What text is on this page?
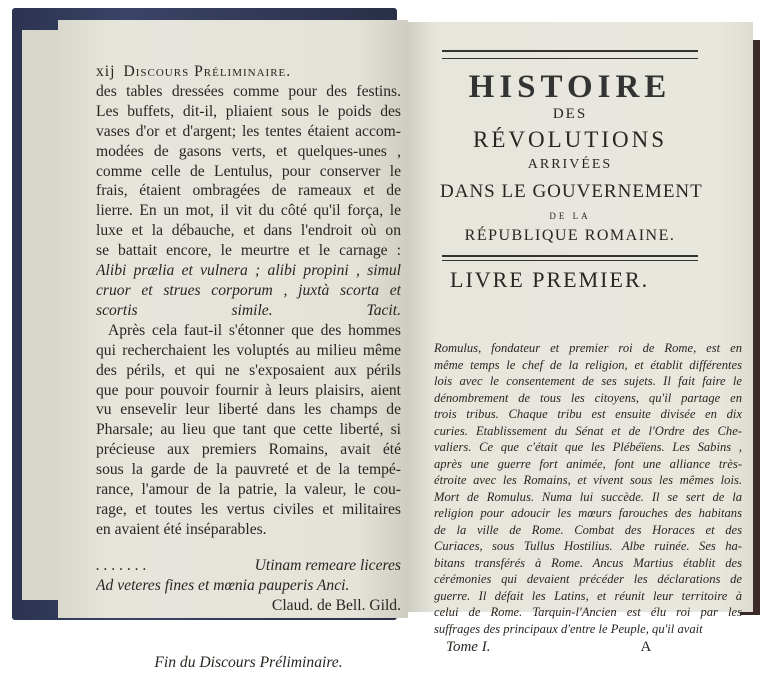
xij Discours Préliminaire.
des tables dressées comme pour des festins.
Les buffets, dit-il, pliaient sous le poids des
vases d'or et d'argent; les tentes étaient accom-
modées de gasons verts, et quelques-unes ,
comme celle de Lentulus, pour conserver le
frais, étaient ombragées de rameaux et de
lierre. En un mot, il vit du côté qu'il força, le
luxe et la débauche, et dans l'endroit où on
se battait encore, le meurtre et le carnage :
Alibi prælia et vulnera ; alibi propini , simul
cruor et strues corporum , juxtà scorta et
scortis simile. Tacit.
Après cela faut-il s'étonner que des hommes
qui recherchaient les voluptés au milieu même
des périls, et qui ne s'exposaient aux périls
que pour pouvoir fournir à leurs plaisirs, aient
vu ensevelir leur liberté dans les champs de
Pharsale; au lieu que tant que cette liberté, si
précieuse aux premiers Romains, avait été
sous la garde de la pauvreté et de la tempé-
rance, l'amour de la patrie, la valeur, le cou-
rage, et toutes les vertus civiles et militaires
en avaient été inséparables.
. . . . . . .	Utinam remeare liceres
Ad veteres fines et mœnia pauperis Anci.
Claud. de Bell. Gild.
Fin du Discours Préliminaire.
HISTOIRE
DES
RÉVOLUTIONS
ARRIVÉES
DANS LE GOUVERNEMENT
DE LA
RÉPUBLIQUE ROMAINE.
LIVRE PREMIER.
Romulus, fondateur et premier roi de Rome, est en
même temps le chef de la religion, et établit différentes
lois avec le consentement de ses sujets. Il fait faire le
dénombrement de tous les citoyens, qu'il partage en
trois tribus. Chaque tribu est ensuite divisée en dix
curies. Etablissement du Sénat et de l'Ordre des Che-
valiers. Ce que c'était que les Plébéïens. Les Sabins ,
après une guerre fort animée, font une alliance très-
étroite avec les Romains, et vivent sous les mêmes lois.
Mort de Romulus. Numa lui succède. Il se sert de la
religion pour adoucir les mœurs farouches des habitans
de la ville de Rome. Combat des Horaces et des
Curiaces, sous Tullus Hostilius. Albe ruinée. Ses ha-
bitans transférés à Rome. Ancus Martius établit des
cérémonies qui devaient précéder les déclarations de
guerre. Il défait les Latins, et réunit leur territoire à
celui de Rome. Tarquin-l'Ancien est élu roi par les
suffrages des principaux d'entre le Peuple, qu'il avait
Tome I.	A
